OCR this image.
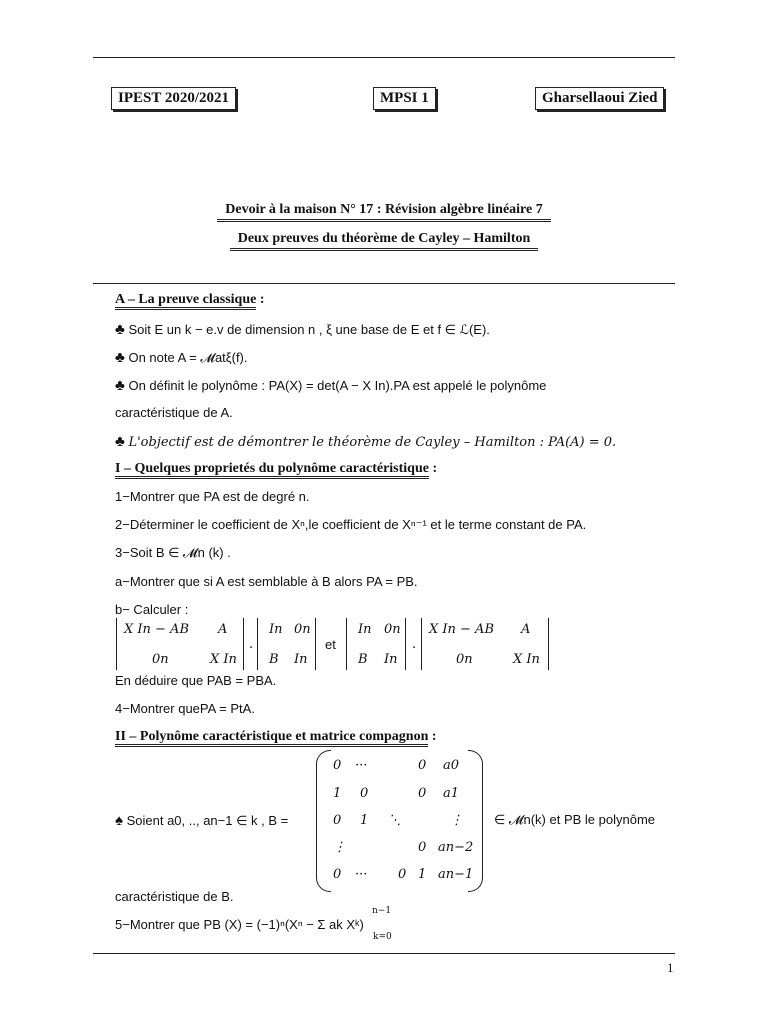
IPEST 2020/2021	MPSI 1	Gharsellaoui Zied
Devoir à la maison N° 17 : Révision algèbre linéaire 7
Deux preuves du théorème de Cayley – Hamilton
A – La preuve classique :
♣ Soit E un k − e.v de dimension n , ξ une base de E et f ∈ ℒ(E).
♣ On note A = 𝓜atξ(f).
♣ On définit le polynôme : PA(X) = det(A − X In).PA est appelé le polynôme
caractéristique de A.
♣ L'objectif est de démontrer le théorème de Cayley – Hamilton : PA(A) = 0.
I – Quelques proprietés du polynôme caractéristique :
1−Montrer que PA est de degré n.
2−Déterminer le coefficient de Xⁿ,le coefficient de Xⁿ⁻¹ et le terme constant de PA.
3−Soit B ∈ 𝓜n (k) .
a−Montrer que si A est semblable à B alors PA = PB.
b− Calculer :
X In − AB A
0n	X In
.
In 0n
B In
et
In 0n
B In
.
X In − AB A
0n	X In
En déduire que PAB = PBA.
4−Montrer quePA = PtA.
II – Polynôme caractéristique et matrice compagnon :
♠ Soient a0, .., an−1 ∈ k , B =
0 ···	0 a0
1 0	0 a1
0 1 ⋱	⋮
⋮	0 an−2
0 ··· 0 1 an−1
∈ 𝓜n(k) et PB le polynôme
caractéristique de B.
5−Montrer que PB (X) = (−1)ⁿ(Xⁿ − Σ ak Xᵏ)
n−1
k=0
1
